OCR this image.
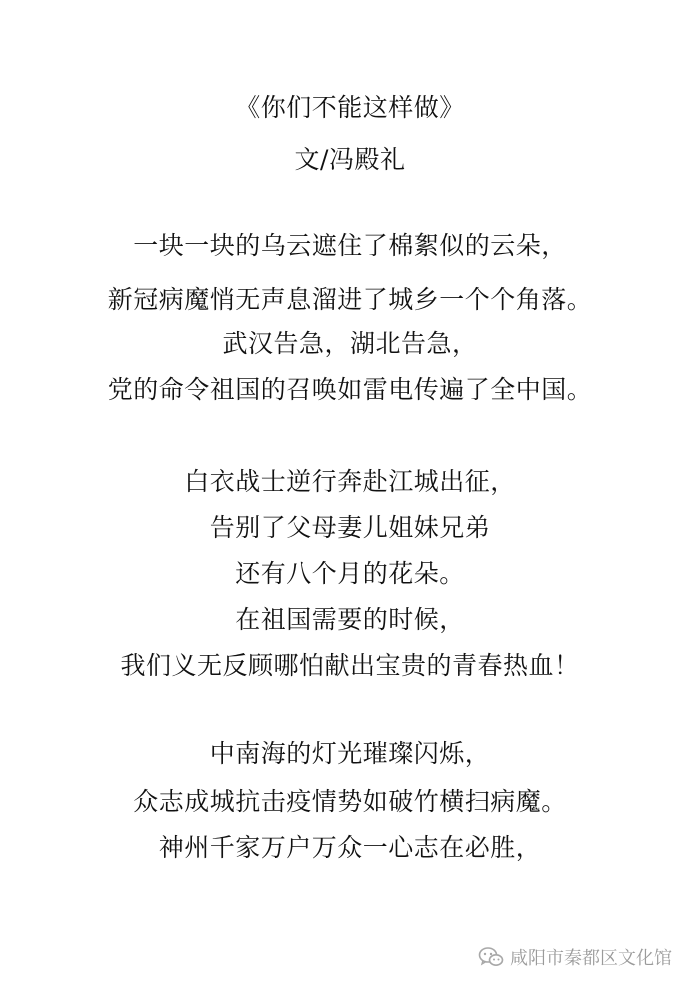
《你们不能这样做》
文/冯殿礼
一块一块的乌云遮住了棉絮似的云朵，
新冠病魔悄无声息溜进了城乡一个个角落。
武汉告急，湖北告急，
党的命令祖国的召唤如雷电传遍了全中国。
白衣战士逆行奔赴江城出征，
告别了父母妻儿姐妹兄弟
还有八个月的花朵。
在祖国需要的时候，
我们义无反顾哪怕献出宝贵的青春热血！
中南海的灯光璀璨闪烁，
众志成城抗击疫情势如破竹横扫病魔。
神州千家万户万众一心志在必胜，
咸阳市秦都区文化馆
